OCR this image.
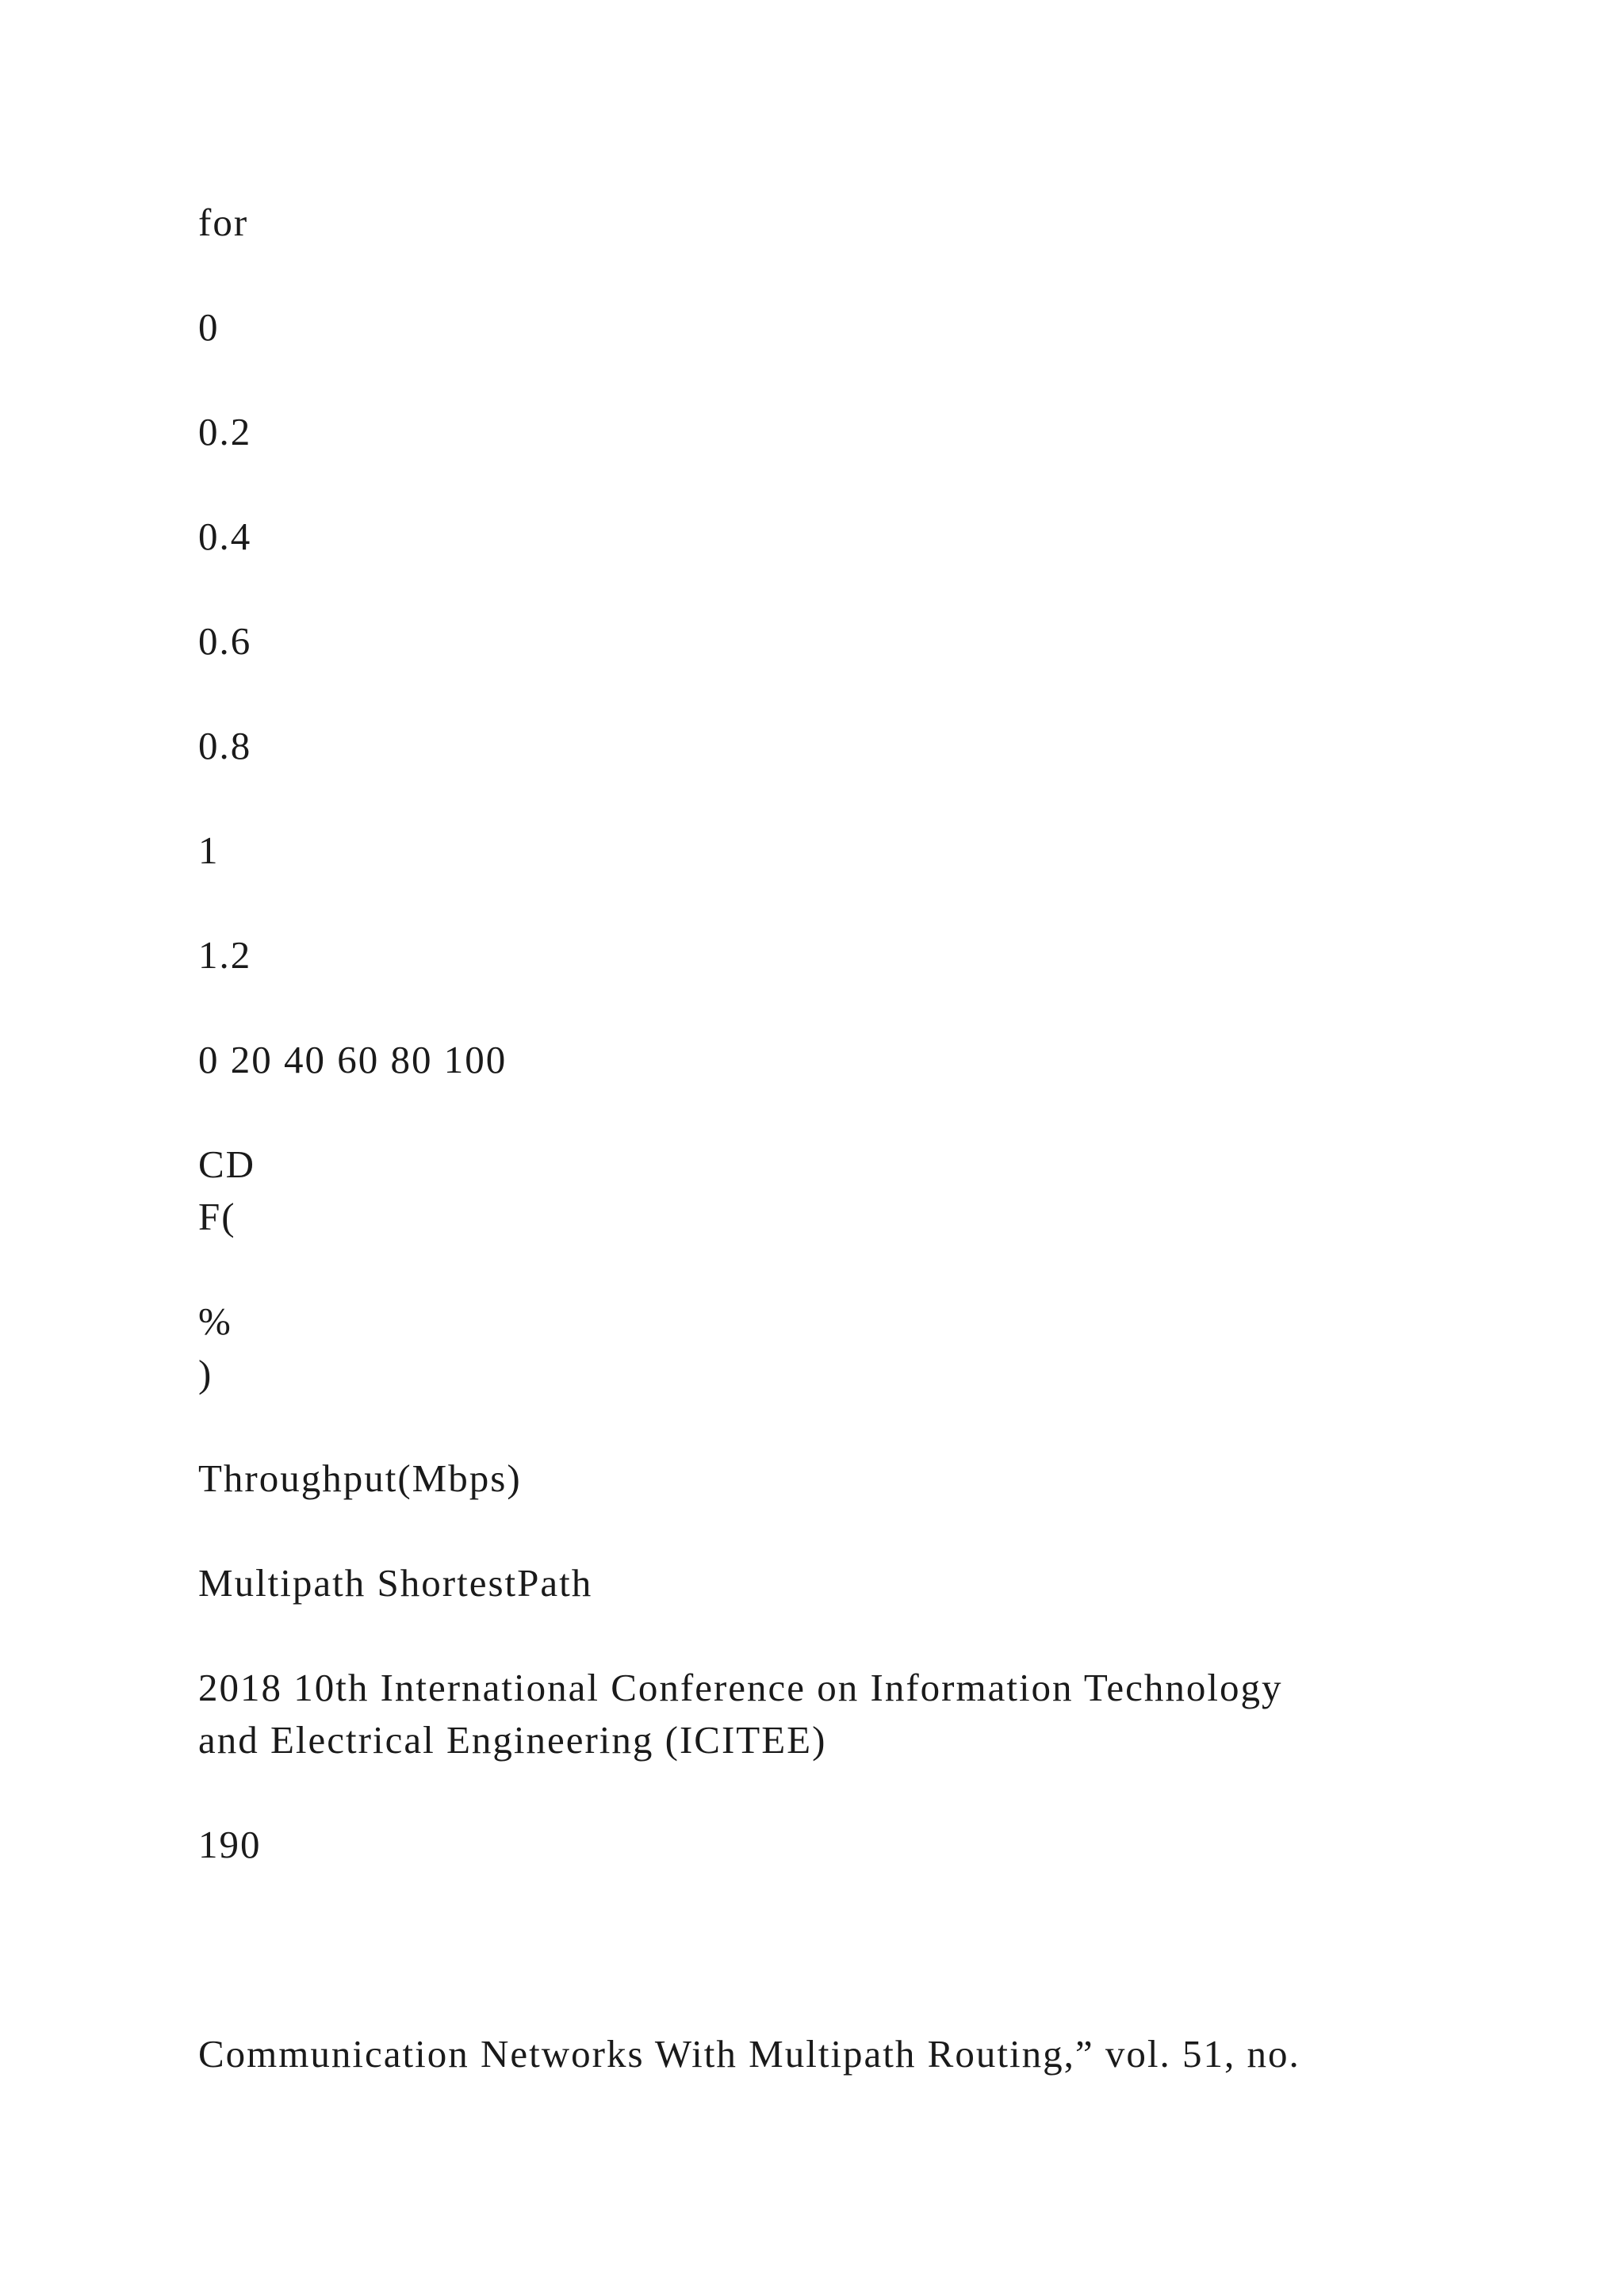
for
0
0.2
0.4
0.6
0.8
1
1.2
0 20 40 60 80 100
CD
F(
%
)
Throughput(Mbps)
Multipath ShortestPath
2018 10th International Conference on Information Technology
and Electrical Engineering (ICITEE)
190
Communication Networks With Multipath Routing,” vol. 51, no.
